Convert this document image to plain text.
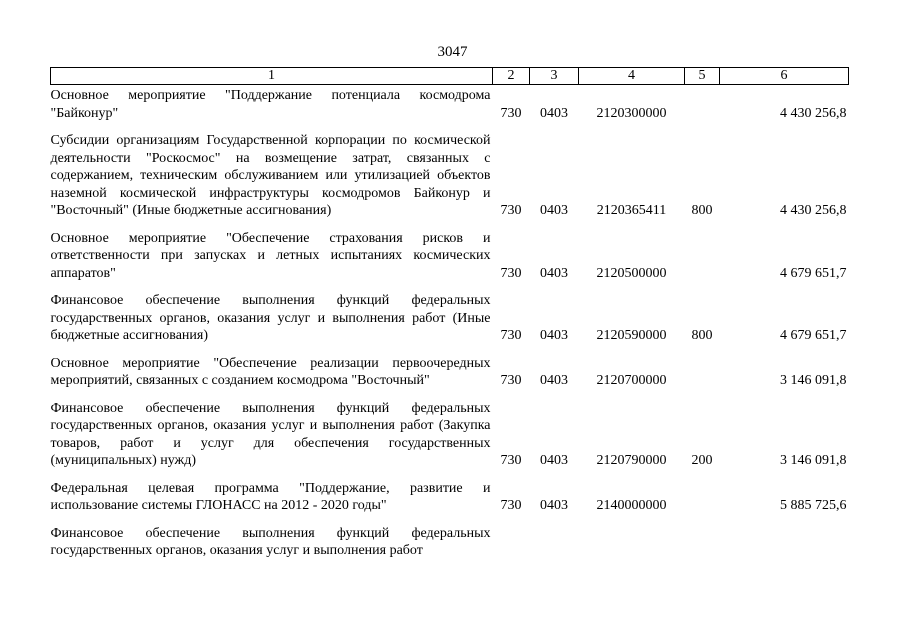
3047
1	2	3	4	5	6

Основное мероприятие "Поддержание потенциала космодрома "Байконур"	730	0403	2120300000		4 430 256,8

Субсидии организациям Государственной корпорации по космической деятельности "Роскосмос" на возмещение затрат, связанных с содержанием, техническим обслуживанием или утилизацией объектов наземной космической инфраструктуры космодромов Байконур и "Восточный" (Иные бюджетные ассигнования)	730	0403	2120365411	800	4 430 256,8

Основное мероприятие "Обеспечение страхования рисков и ответственности при запусках и летных испытаниях космических аппаратов"	730	0403	2120500000		4 679 651,7

Финансовое обеспечение выполнения функций федеральных государственных органов, оказания услуг и выполнения работ (Иные бюджетные ассигнования)	730	0403	2120590000	800	4 679 651,7

Основное мероприятие "Обеспечение реализации первоочередных мероприятий, связанных с созданием космодрома "Восточный"	730	0403	2120700000		3 146 091,8

Финансовое обеспечение выполнения функций федеральных государственных органов, оказания услуг и выполнения работ (Закупка товаров, работ и услуг для обеспечения государственных (муниципальных) нужд)	730	0403	2120790000	200	3 146 091,8

Федеральная целевая программа "Поддержание, развитие и использование системы ГЛОНАСС на 2012 - 2020 годы"	730	0403	2140000000		5 885 725,6

Финансовое обеспечение выполнения функций федеральных государственных органов, оказания услуг и выполнения работ					
